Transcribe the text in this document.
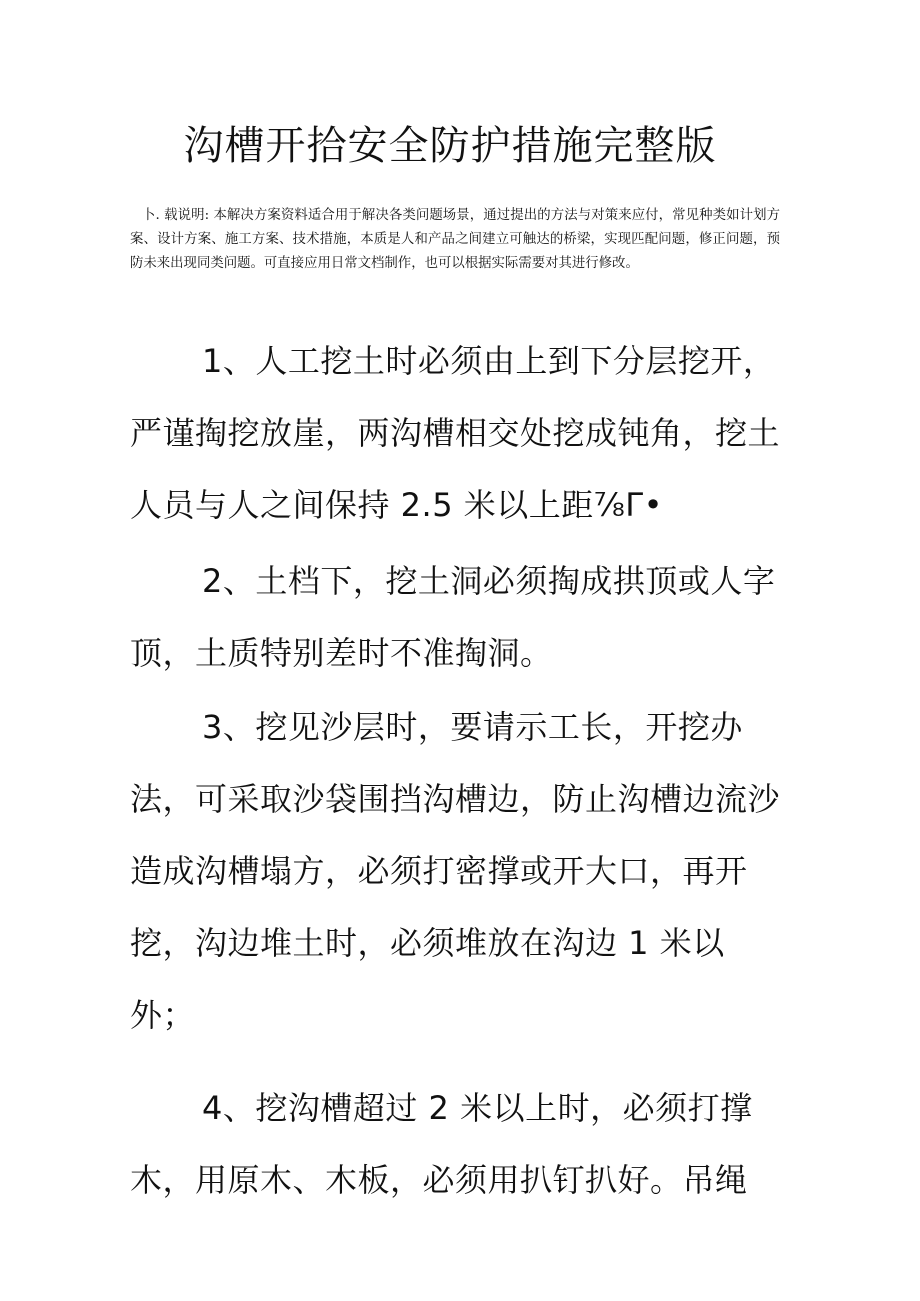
沟槽开拾安全防护措施完整版

卜. 载说明: 本解决方案资料适合用于解决各类问题场景，通过提出的方法与对策来应付，常见种类如计划方案、设计方案、施工方案、技术措施，本质是人和产品之间建立可触达的桥梁，实现匹配问题，修正问题，预防未来出现同类问题。可直接应用日常文档制作，也可以根据实际需要对其进行修改。

1、人工挖土时必须由上到下分层挖开，严谨掏挖放崖，两沟槽相交处挖成钝角，挖土人员与人之间保持 2.5 米以上距⅞Γ•

2、土档下，挖土洞必须掏成拱顶或人字顶，土质特别差时不准掏洞。

3、挖见沙层时，要请示工长，开挖办法，可采取沙袋围挡沟槽边，防止沟槽边流沙造成沟槽塌方，必须打密撑或开大口，再开挖，沟边堆土时，必须堆放在沟边 1 米以外；

4、挖沟槽超过 2 米以上时，必须打撑木，用原木、木板，必须用扒钉扒好。吊绳
